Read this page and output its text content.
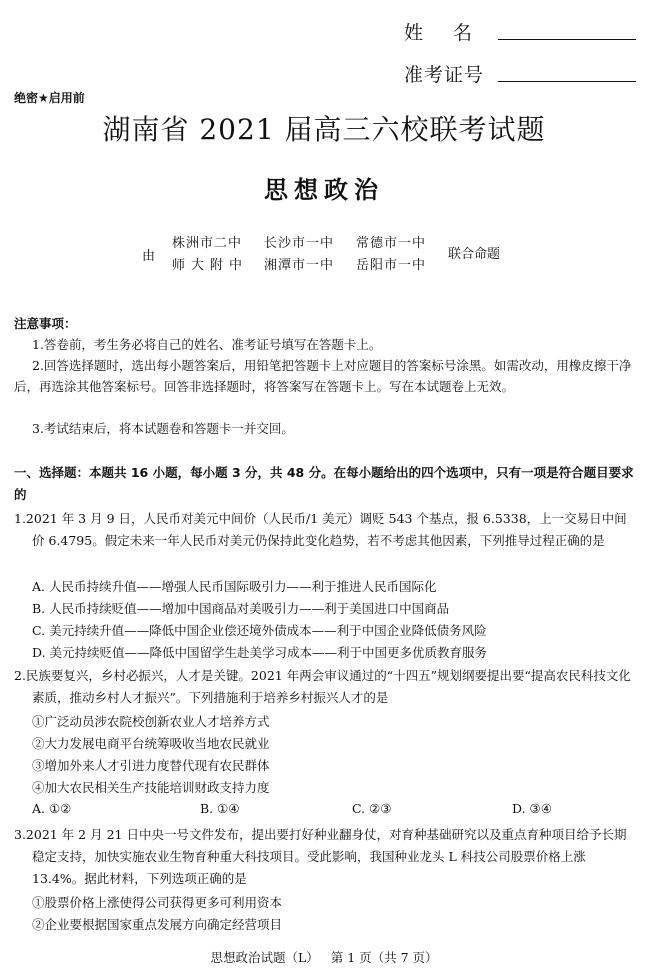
姓名
准考证号
绝密★启用前
湖南省 2021 届高三六校联考试题
思想政治
由
株洲市二中 长沙市一中 常德市一中
师大附中 湘潭市一中 岳阳市一中
联合命题
注意事项：
1.答卷前，考生务必将自己的姓名、准考证号填写在答题卡上。
2.回答选择题时，选出每小题答案后，用铅笔把答题卡上对应题目的答案标号涂黑。如需改动，用橡皮擦干净后，再选涂其他答案标号。回答非选择题时，将答案写在答题卡上。写在本试题卷上无效。
3.考试结束后，将本试题卷和答题卡一并交回。
一、选择题：本题共 16 小题，每小题 3 分，共 48 分。在每小题给出的四个选项中，只有一项是符合题目要求的
1.2021 年 3 月 9 日，人民币对美元中间价（人民币/1 美元）调贬 543 个基点，报 6.5338，上一交易日中间价 6.4795。假定未来一年人民币对美元仍保持此变化趋势，若不考虑其他因素，下列推导过程正确的是
A. 人民币持续升值——增强人民币国际吸引力——利于推进人民币国际化
B. 人民币持续贬值——增加中国商品对美吸引力——利于美国进口中国商品
C. 美元持续升值——降低中国企业偿还境外债成本——利于中国企业降低债务风险
D. 美元持续贬值——降低中国留学生赴美学习成本——利于中国更多优质教育服务
2.民族要复兴，乡村必振兴，人才是关键。2021 年两会审议通过的“十四五”规划纲要提出要“提高农民科技文化素质，推动乡村人才振兴”。下列措施利于培养乡村振兴人才的是
①广泛动员涉农院校创新农业人才培养方式
②大力发展电商平台统筹吸收当地农民就业
③增加外来人才引进力度替代现有农民群体
④加大农民相关生产技能培训财政支持力度
A. ①②	B. ①④	C. ②③	D. ③④
3.2021 年 2 月 21 日中央一号文件发布，提出要打好种业翻身仗，对育种基础研究以及重点育种项目给予长期稳定支持，加快实施农业生物育种重大科技项目。受此影响，我国种业龙头 L 科技公司股票价格上涨 13.4%。据此材料，下列选项正确的是
①股票价格上涨使得公司获得更多可利用资本
②企业要根据国家重点发展方向确定经营项目
思想政治试题（L） 第 1 页（共 7 页）
